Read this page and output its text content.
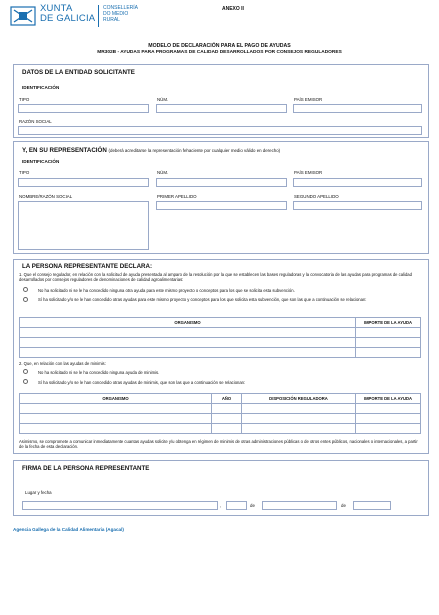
XUNTA
DE GALICIA
CONSELLERÍA
DO MEDIO
RURAL
ANEXO II
MODELO DE DECLARACIÓN PARA EL PAGO DE AYUDAS
MR302B - AYUDAS PARA PROGRAMAS DE CALIDAD DESARROLLADOS POR CONSEJOS REGULADORES
DATOS DE LA ENTIDAD SOLICITANTE
IDENTIFICACIÓN
TIPO	NÚM.	PAÍS EMISOR
RAZÓN SOCIAL
Y, EN SU REPRESENTACIÓN (deberá acreditarse la representación fehaciente por cualquier medio válido en derecho)
IDENTIFICACIÓN
TIPO	NÚM.	PAÍS EMISOR
NOMBRE/RAZÓN SOCIAL	PRIMER APELLIDO	SEGUNDO APELLIDO
LA PERSONA REPRESENTANTE DECLARA:
1. Que el consejo regulador, en relación con la solicitud de ayuda presentada al amparo de la resolución por la que se establecen las bases reguladoras y la convocatoria de las ayudas para programas de calidad desarrollados por consejos reguladores de denominaciones de calidad agroalimentarias:
No ha solicitado ni se le ha concedido ninguna otra ayuda para este mismo proyecto o conceptos para los que se solicita esta subvención.
Sí ha solicitado y/o se le han concedido otras ayudas para este mismo proyecto y conceptos para los que solicita esta subvención, que son las que a continuación se relacionan:
ORGANISMO	IMPORTE DE LA AYUDA

2. Que, en relación con las ayudas de minimis:
No ha solicitado ni se le ha concedido ninguna ayuda de minimis.
Sí ha solicitado y/o se le han concedido otras ayudas de minimis, que son las que a continuación se relacionan:
ORGANISMO	AÑO	DISPOSICIÓN REGULADORA	IMPORTE DE LA AYUDA

Asimismo, se compromete a comunicar inmediatamente cuantas ayudas solicite y/u obtenga en régimen de minimis de otras administraciones públicas o de otros entes públicos, nacionales o internacionales, a partir de la fecha de esta declaración.
FIRMA DE LA PERSONA REPRESENTANTE
Lugar y fecha
,	de	de
Agencia Gallega de la Calidad Alimentaria (Agacal)
